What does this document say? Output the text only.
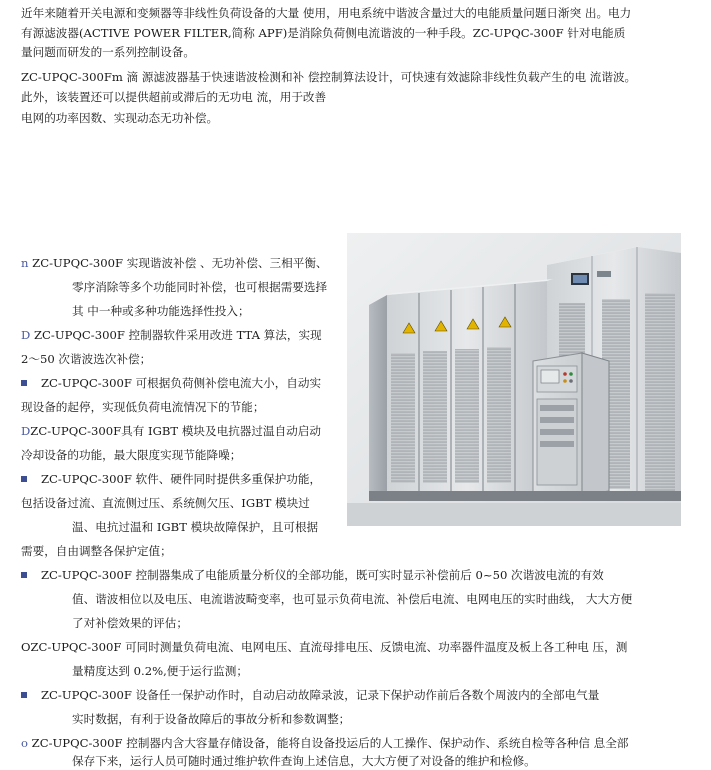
近年来随着开关电源和变频器等非线性负荷设备的大量 使用，用电系统中谐波含量过大的电能质量问题日渐突 出。电力
有源滤波器(ACTIVE POWER FILTER,简称 APF)是消除负荷侧电流谐波的一种手段。ZC-UPQC-300F 针对电能质
量问题而研发的一系列控制设备。
ZC-UPQC-300Fm 滴 源滤波器基于快速谐波检测和补 偿控制算法设计，可快速有效滤除非线性负载产生的电 流谐波。
此外，该装置还可以提供超前或滞后的无功电 流，用于改善
电网的功率因数、实现动态无功补偿。
n ZC-UPQC-300F 实现谐波补偿 、无功补偿、三相平衡、
零序消除等多个功能同时补偿，也可根据需要选择
其 中一种或多种功能选择性投入；
D ZC-UPQC-300F 控制器软件采用改进 TTA 算法，实现
2～50 次谐波选次补偿；
ZC-UPQC-300F 可根据负荷侧补偿电流大小，自动实
现设备的起停，实现低负荷电流情况下的节能；
DZC-UPQC-300F具有 IGBT 模块及电抗器过温自动启动
冷却设备的功能，最大限度实现节能降噪；
ZC-UPQC-300F 软件、硬件同时提供多重保护功能，
包括设备过流、直流侧过压、系统侧欠压、IGBT 模块过
温、电抗过温和 IGBT 模块故障保护，且可根据
需要，自由调整各保护定值；
ZC-UPQC-300F 控制器集成了电能质量分析仪的全部功能，既可实时显示补偿前后 0~50 次谐波电流的有效
值、谐波相位以及电压、电流谐波畸变率，也可显示负荷电流、补偿后电流、电网电压的实时曲线， 大大方便
了对补偿效果的评估；
OZC-UPQC-300F 可同时测量负荷电流、电网电压、直流母排电压、反馈电流、功率器件温度及板上各工种电 压，测
量精度达到 0.2%,便于运行监测；
ZC-UPQC-300F 设备任一保护动作时，自动启动故障录波，记录下保护动作前后各数个周波内的全部电气量
实时数据，有利于设备故障后的事故分析和参数调整；
o ZC-UPQC-300F 控制器内含大容量存储设备，能将自设备投运后的人工操作、保护动作、系统自检等各种信 息全部
保存下来，运行人员可随时通过维护软件查询上述信息，大大方便了对设备的维护和检修。
